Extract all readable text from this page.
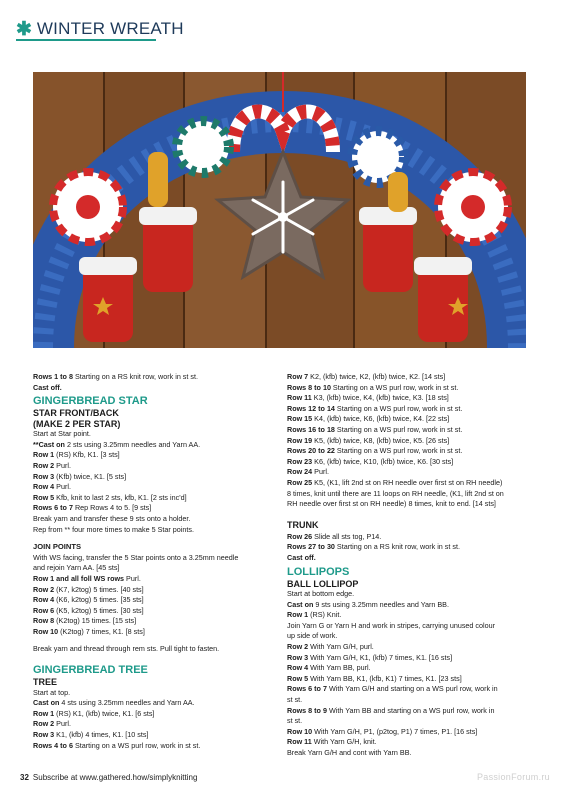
✱ WINTER WREATH
Rows 1 to 8 Starting on a RS knit row, work in st st.
Cast off.
GINGERBREAD STAR
STAR FRONT/BACK
(MAKE 2 PER STAR)
Start at Star point.
**Cast on 2 sts using 3.25mm needles and Yarn AA.
Row 1 (RS) Kfb, K1. [3 sts]
Row 2 Purl.
Row 3 (Kfb) twice, K1. [5 sts]
Row 4 Purl.
Row 5 Kfb, knit to last 2 sts, kfb, K1. [2 sts inc'd]
Rows 6 to 7 Rep Rows 4 to 5. [9 sts]
Break yarn and transfer these 9 sts onto a holder.
Rep from ** four more times to make 5 Star points.
JOIN POINTS
With WS facing, transfer the 5 Star points onto a 3.25mm needle
and rejoin Yarn AA. [45 sts]
Row 1 and all foll WS rows Purl.
Row 2 (K7, k2tog) 5 times. [40 sts]
Row 4 (K6, k2tog) 5 times. [35 sts]
Row 6 (K5, k2tog) 5 times. [30 sts]
Row 8 (K2tog) 15 times. [15 sts]
Row 10 (K2tog) 7 times, K1. [8 sts]
Break yarn and thread through rem sts. Pull tight to fasten.
GINGERBREAD TREE
TREE
Start at top.
Cast on 4 sts using 3.25mm needles and Yarn AA.
Row 1 (RS) K1, (kfb) twice, K1. [6 sts]
Row 2 Purl.
Row 3 K1, (kfb) 4 times, K1. [10 sts]
Rows 4 to 6 Starting on a WS purl row, work in st st.
Row 7 K2, (kfb) twice, K2, (kfb) twice, K2. [14 sts]
Rows 8 to 10 Starting on a WS purl row, work in st st.
Row 11 K3, (kfb) twice, K4, (kfb) twice, K3. [18 sts]
Rows 12 to 14 Starting on a WS purl row, work in st st.
Row 15 K4, (kfb) twice, K6, (kfb) twice, K4. [22 sts]
Rows 16 to 18 Starting on a WS purl row, work in st st.
Row 19 K5, (kfb) twice, K8, (kfb) twice, K5. [26 sts]
Rows 20 to 22 Starting on a WS purl row, work in st st.
Row 23 K6, (kfb) twice, K10, (kfb) twice, K6. [30 sts]
Row 24 Purl.
Row 25 K5, (K1, lift 2nd st on RH needle over first st on RH needle)
8 times, knit until there are 11 loops on RH needle, (K1, lift 2nd st on
RH needle over first st on RH needle) 8 times, knit to end. [14 sts]
TRUNK
Row 26 Slide all sts tog, P14.
Rows 27 to 30 Starting on a RS knit row, work in st st.
Cast off.
LOLLIPOPS
BALL LOLLIPOP
Start at bottom edge.
Cast on 9 sts using 3.25mm needles and Yarn BB.
Row 1 (RS) Knit.
Join Yarn G or Yarn H and work in stripes, carrying unused colour
up side of work.
Row 2 With Yarn G/H, purl.
Row 3 With Yarn G/H, K1, (kfb) 7 times, K1. [16 sts]
Row 4 With Yarn BB, purl.
Row 5 With Yarn BB, K1, (kfb, K1) 7 times, K1. [23 sts]
Rows 6 to 7 With Yarn G/H and starting on a WS purl row, work in
st st.
Rows 8 to 9 With Yarn BB and starting on a WS purl row, work in
st st.
Row 10 With Yarn G/H, P1, (p2tog, P1) 7 times, P1. [16 sts]
Row 11 With Yarn G/H, knit.
Break Yarn G/H and cont with Yarn BB.
32 Subscribe at www.gathered.how/simplyknitting	PassionForum.ru
